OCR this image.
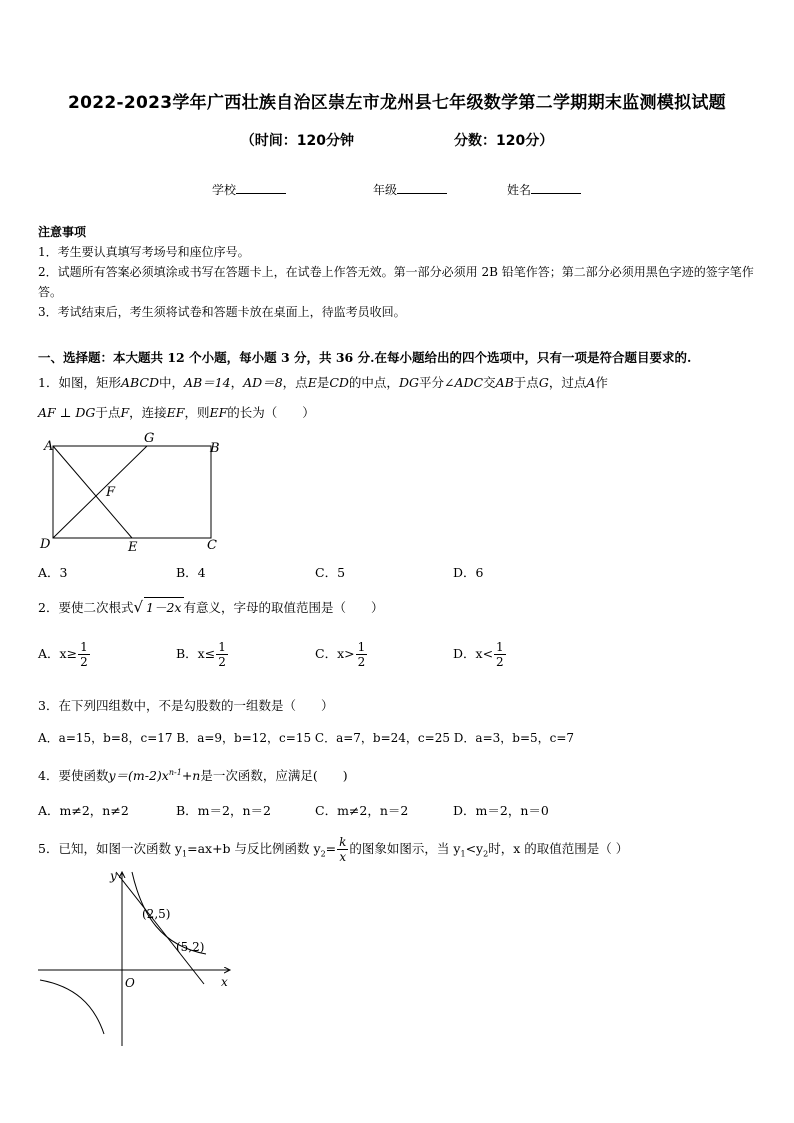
2022-2023学年广西壮族自治区崇左市龙州县七年级数学第二学期期末监测模拟试题
（时间：120分钟	分数：120分）
学校	年级	姓名
注意事项
1．考生要认真填写考场号和座位序号。
2．试题所有答案必须填涂或书写在答题卡上，在试卷上作答无效。第一部分必须用 2B 铅笔作答；第二部分必须用黑色字迹的签字笔作答。
3．考试结束后，考生须将试卷和答题卡放在桌面上，待监考员收回。
一、选择题：本大题共 12 个小题，每小题 3 分，共 36 分.在每小题给出的四个选项中，只有一项是符合题目要求的.
1．如图，矩形ABCD中，AB＝14，AD＝8，点E是CD的中点，DG平分∠ADC交AB于点G，过点A作
AF ⊥ DG于点F，连接EF，则EF的长为（　　）
A
G
B
F
D	E	C
A．3	B．4	C．5	D．6
2．要使二次根式√ 1－2x 有意义，字母的取值范围是（　　）
A．$x\ge \frac{1}{2}$	B．$x\le \frac{1}{2}$	C．$x> \frac{1}{2}$	D．$x< \frac{1}{2}$
3．在下列四组数中，不是勾股数的一组数是（　　）
A．a=15，b=8，c=17 B．a=9，b=12，c=15 C．a=7，b=24，c=25 D．a=3，b=5，c=7
4．要使函数$y=(m-2)x^{n-1}+n$是一次函数，应满足(　　)
A．m≠2，n≠2	B．m＝2，n＝2	C．m≠2，n＝2	D．m＝2，n＝0
5．已知，如图一次函数 $y_1=ax+b$ 与反比例函数 $y_2= \frac{k}{x}$ 的图象如图示，当 $y_1<y_2$时，x 的取值范围是（ ）
y
x
O
(2,5)
(5,2)
